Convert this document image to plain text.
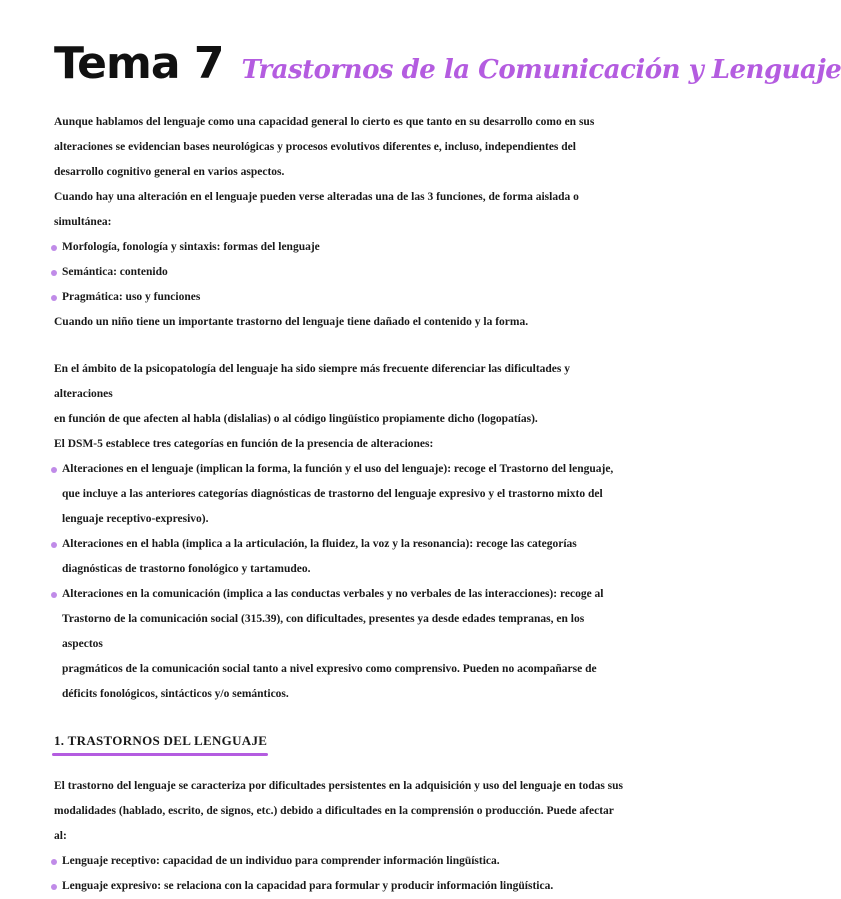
Tema 7 Trastornos de la Comunicación y Lenguaje

Aunque hablamos del lenguaje como una capacidad general lo cierto es que tanto en su desarrollo como en sus

alteraciones se evidencian bases neurológicas y procesos evolutivos diferentes e, incluso, independientes del

desarrollo cognitivo general en varios aspectos.

Cuando hay una alteración en el lenguaje pueden verse alteradas una de las 3 funciones, de forma aislada o simultánea:

Morfología, fonología y sintaxis: formas del lenguaje

Semántica: contenido

Pragmática: uso y funciones

Cuando un niño tiene un importante trastorno del lenguaje tiene dañado el contenido y la forma.

En el ámbito de la psicopatología del lenguaje ha sido siempre más frecuente diferenciar las dificultades y alteraciones

en función de que afecten al habla (dislalias) o al código lingüístico propiamente dicho (logopatías).

El DSM-5 establece tres categorías en función de la presencia de alteraciones:

Alteraciones en el lenguaje (implican la forma, la función y el uso del lenguaje): recoge el Trastorno del lenguaje,

que incluye a las anteriores categorías diagnósticas de trastorno del lenguaje expresivo y el trastorno mixto del

lenguaje receptivo-expresivo).

Alteraciones en el habla (implica a la articulación, la fluidez, la voz y la resonancia): recoge las categorías

diagnósticas de trastorno fonológico y tartamudeo.

Alteraciones en la comunicación (implica a las conductas verbales y no verbales de las interacciones): recoge al

Trastorno de la comunicación social (315.39), con dificultades, presentes ya desde edades tempranas, en los aspectos

pragmáticos de la comunicación social tanto a nivel expresivo como comprensivo. Pueden no acompañarse de

déficits fonológicos, sintácticos y/o semánticos.

1. TRASTORNOS DEL LENGUAJE

El trastorno del lenguaje se caracteriza por dificultades persistentes en la adquisición y uso del lenguaje en todas sus

modalidades (hablado, escrito, de signos, etc.) debido a dificultades en la comprensión o producción. Puede afectar al:

Lenguaje receptivo: capacidad de un individuo para comprender información lingüística.

Lenguaje expresivo: se relaciona con la capacidad para formular y producir información lingüística.
